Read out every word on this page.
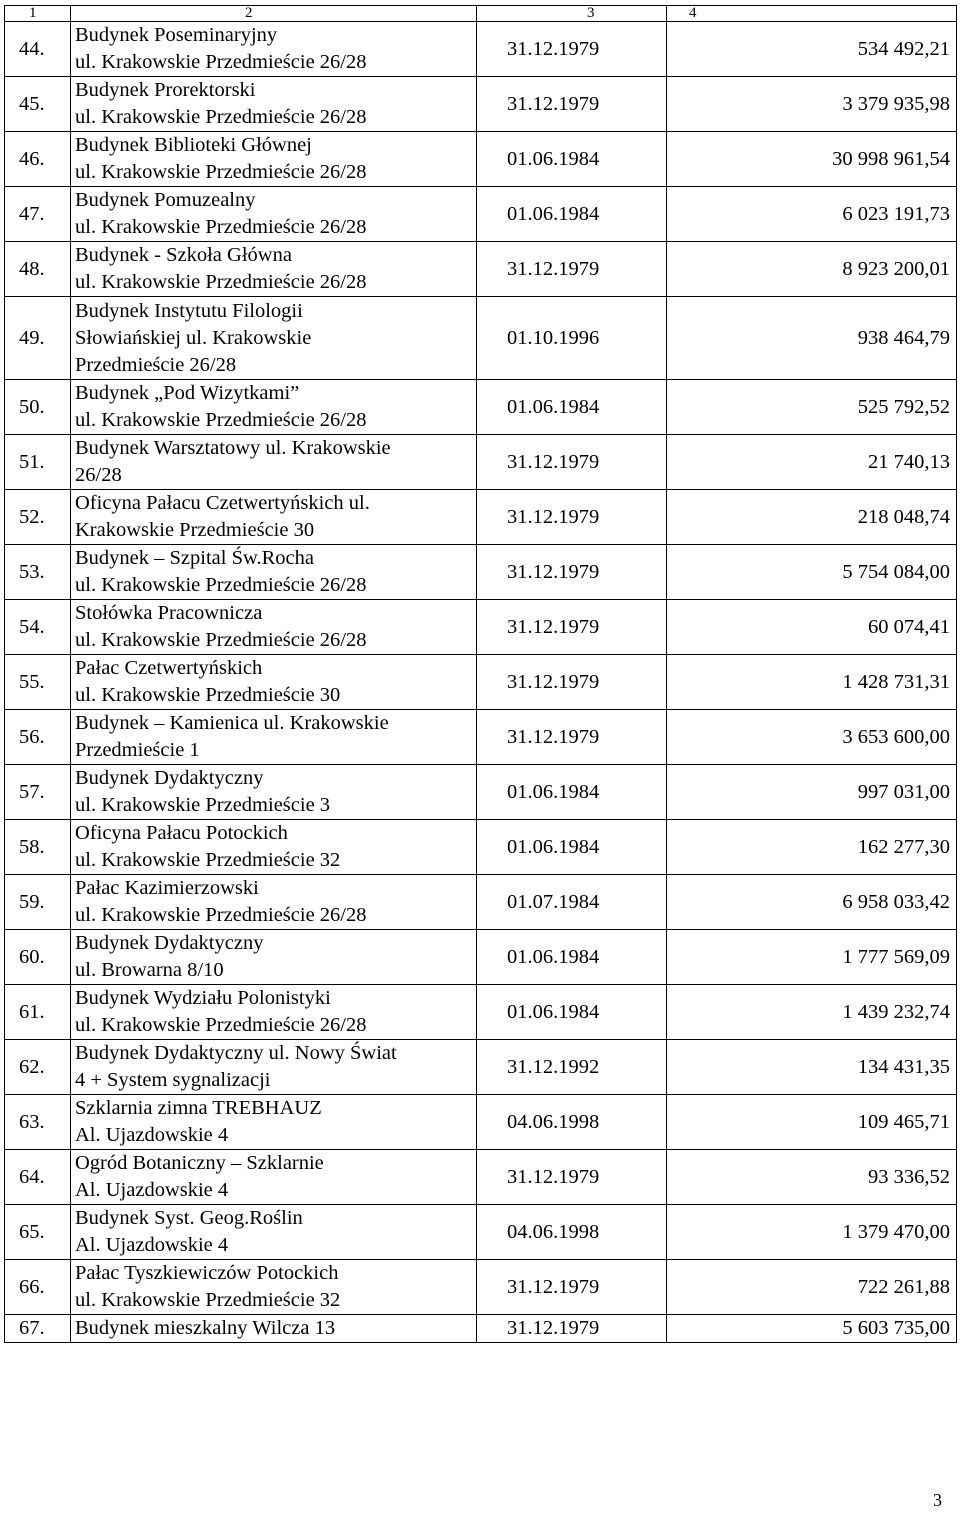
1	2	3	4
44.	Budynek Poseminaryjny
ul. Krakowskie Przedmieście 26/28	31.12.1979	534 492,21
45.	Budynek Prorektorski
ul. Krakowskie Przedmieście 26/28	31.12.1979	3 379 935,98
46.	Budynek Biblioteki Głównej
ul. Krakowskie Przedmieście 26/28	01.06.1984	30 998 961,54
47.	Budynek Pomuzealny
ul. Krakowskie Przedmieście 26/28	01.06.1984	6 023 191,73
48.	Budynek - Szkoła Główna
ul. Krakowskie Przedmieście 26/28	31.12.1979	8 923 200,01
49.	Budynek Instytutu Filologii
Słowiańskiej ul. Krakowskie
Przedmieście 26/28	01.10.1996	938 464,79
50.	Budynek „Pod Wizytkami”
ul. Krakowskie Przedmieście 26/28	01.06.1984	525 792,52
51.	Budynek Warsztatowy ul. Krakowskie
26/28	31.12.1979	21 740,13
52.	Oficyna Pałacu Czetwertyńskich ul.
Krakowskie Przedmieście 30	31.12.1979	218 048,74
53.	Budynek – Szpital Św.Rocha
ul. Krakowskie Przedmieście 26/28	31.12.1979	5 754 084,00
54.	Stołówka Pracownicza
ul. Krakowskie Przedmieście 26/28	31.12.1979	60 074,41
55.	Pałac Czetwertyńskich
ul. Krakowskie Przedmieście 30	31.12.1979	1 428 731,31
56.	Budynek – Kamienica ul. Krakowskie
Przedmieście 1	31.12.1979	3 653 600,00
57.	Budynek Dydaktyczny
ul. Krakowskie Przedmieście 3	01.06.1984	997 031,00
58.	Oficyna Pałacu Potockich
ul. Krakowskie Przedmieście 32	01.06.1984	162 277,30
59.	Pałac Kazimierzowski
ul. Krakowskie Przedmieście 26/28	01.07.1984	6 958 033,42
60.	Budynek Dydaktyczny
ul. Browarna 8/10	01.06.1984	1 777 569,09
61.	Budynek Wydziału Polonistyki
ul. Krakowskie Przedmieście 26/28	01.06.1984	1 439 232,74
62.	Budynek Dydaktyczny ul. Nowy Świat
4 + System sygnalizacji	31.12.1992	134 431,35
63.	Szklarnia zimna TREBHAUZ
Al. Ujazdowskie 4	04.06.1998	109 465,71
64.	Ogród Botaniczny – Szklarnie
Al. Ujazdowskie 4	31.12.1979	93 336,52
65.	Budynek Syst. Geog.Roślin
Al. Ujazdowskie 4	04.06.1998	1 379 470,00
66.	Pałac Tyszkiewiczów Potockich
ul. Krakowskie Przedmieście 32	31.12.1979	722 261,88
67.	Budynek mieszkalny Wilcza 13	31.12.1979	5 603 735,00
3
